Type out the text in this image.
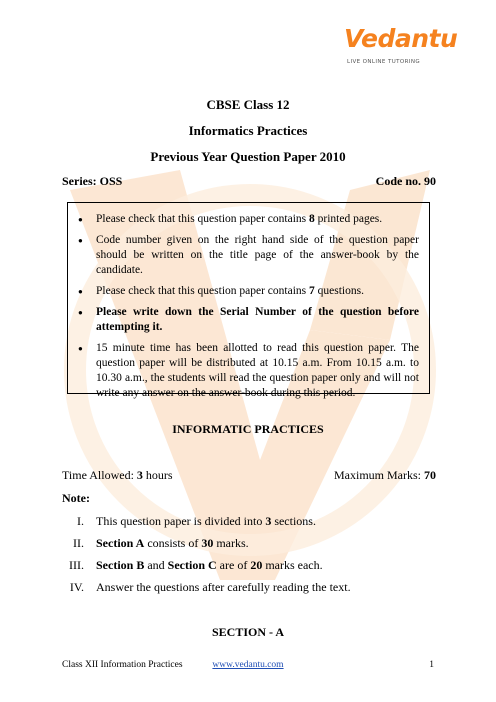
Vedantu
LIVE ONLINE TUTORING
CBSE Class 12
Informatics Practices
Previous Year Question Paper 2010
Series: OSS	Code no. 90
● Please check that this question paper contains 8 printed pages.
● Code number given on the right hand side of the question paper should be written on the title page of the answer-book by the candidate.
● Please check that this question paper contains 7 questions.
● Please write down the Serial Number of the question before attempting it.
● 15 minute time has been allotted to read this question paper. The question paper will be distributed at 10.15 a.m. From 10.15 a.m. to 10.30 a.m., the students will read the question paper only and will not write any answer on the answer-book during this period.
INFORMATIC PRACTICES
Time Allowed: 3 hours	Maximum Marks: 70
Note:
I. This question paper is divided into 3 sections.
II. Section A consists of 30 marks.
III. Section B and Section C are of 20 marks each.
IV. Answer the questions after carefully reading the text.
SECTION - A
Class XII Information Practices	www.vedantu.com	1
